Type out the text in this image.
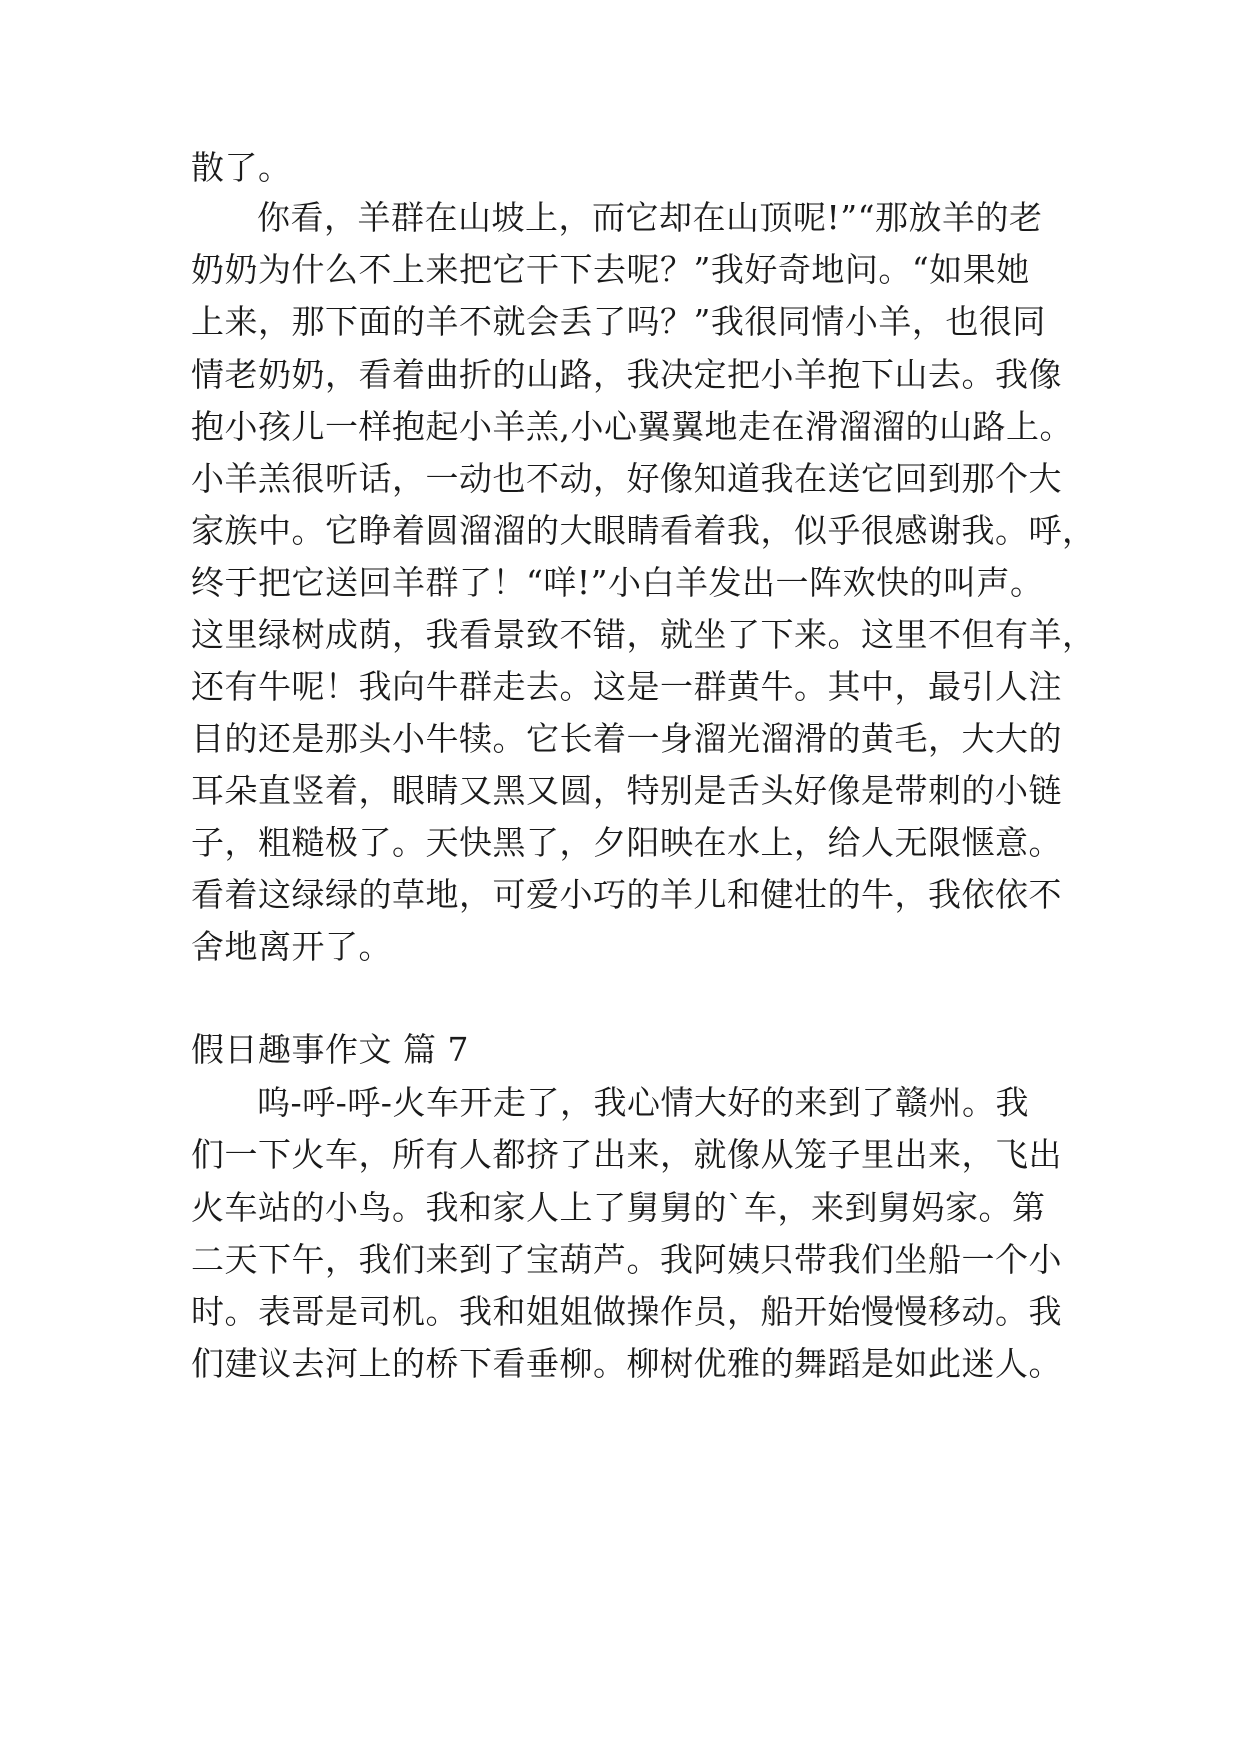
散了。
你看，羊群在山坡上，而它却在山顶呢!”“那放羊的老
奶奶为什么不上来把它干下去呢？”我好奇地问。“如果她
上来，那下面的羊不就会丢了吗？”我很同情小羊，也很同
情老奶奶，看着曲折的山路，我决定把小羊抱下山去。我像
抱小孩儿一样抱起小羊羔,小心翼翼地走在滑溜溜的山路上。
小羊羔很听话，一动也不动，好像知道我在送它回到那个大
家族中。它睁着圆溜溜的大眼睛看着我，似乎很感谢我。呼，
终于把它送回羊群了！“咩!”小白羊发出一阵欢快的叫声。
这里绿树成荫，我看景致不错，就坐了下来。这里不但有羊，
还有牛呢！我向牛群走去。这是一群黄牛。其中，最引人注
目的还是那头小牛犊。它长着一身溜光溜滑的黄毛，大大的
耳朵直竖着，眼睛又黑又圆，特别是舌头好像是带刺的小链
子，粗糙极了。天快黑了，夕阳映在水上，给人无限惬意。
看着这绿绿的草地，可爱小巧的羊儿和健壮的牛，我依依不
舍地离开了。
假日趣事作文 篇 7
呜-呼-呼-火车开走了，我心情大好的来到了赣州。我
们一下火车，所有人都挤了出来，就像从笼子里出来，飞出
火车站的小鸟。我和家人上了舅舅的`车，来到舅妈家。第
二天下午，我们来到了宝葫芦。我阿姨只带我们坐船一个小
时。表哥是司机。我和姐姐做操作员，船开始慢慢移动。我
们建议去河上的桥下看垂柳。柳树优雅的舞蹈是如此迷人。
